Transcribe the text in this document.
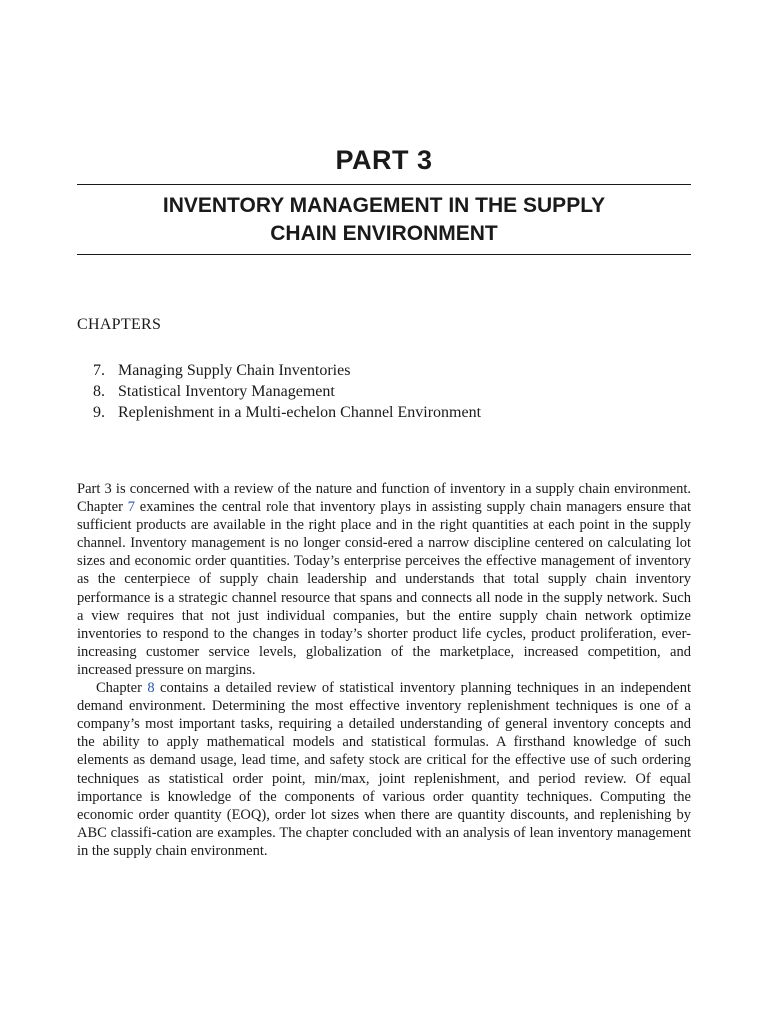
PART 3
INVENTORY MANAGEMENT IN THE SUPPLY
CHAIN ENVIRONMENT
CHAPTERS
7. Managing Supply Chain Inventories
8. Statistical Inventory Management
9. Replenishment in a Multi-echelon Channel Environment

Part 3 is concerned with a review of the nature and function of inventory in a supply chain environment. Chapter 7 examines the central role that inventory plays in assisting supply chain managers ensure that sufficient products are available in the right place and in the right quantities at each point in the supply channel. Inventory management is no longer consid-ered a narrow discipline centered on calculating lot sizes and economic order quantities. Today’s enterprise perceives the effective management of inventory as the centerpiece of supply chain leadership and understands that total supply chain inventory performance is a strategic channel resource that spans and connects all node in the supply network. Such a view requires that not just individual companies, but the entire supply chain network optimize inventories to respond to the changes in today’s shorter product life cycles, product proliferation, ever-increasing customer service levels, globalization of the marketplace, increased competition, and increased pressure on margins.

Chapter 8 contains a detailed review of statistical inventory planning techniques in an independent demand environment. Determining the most effective inventory replenishment techniques is one of a company’s most important tasks, requiring a detailed understanding of general inventory concepts and the ability to apply mathematical models and statistical formulas. A firsthand knowledge of such elements as demand usage, lead time, and safety stock are critical for the effective use of such ordering techniques as statistical order point, min/max, joint replenishment, and period review. Of equal importance is knowledge of the components of various order quantity techniques. Computing the economic order quantity (EOQ), order lot sizes when there are quantity discounts, and replenishing by ABC classifi-cation are examples. The chapter concluded with an analysis of lean inventory management in the supply chain environment.
